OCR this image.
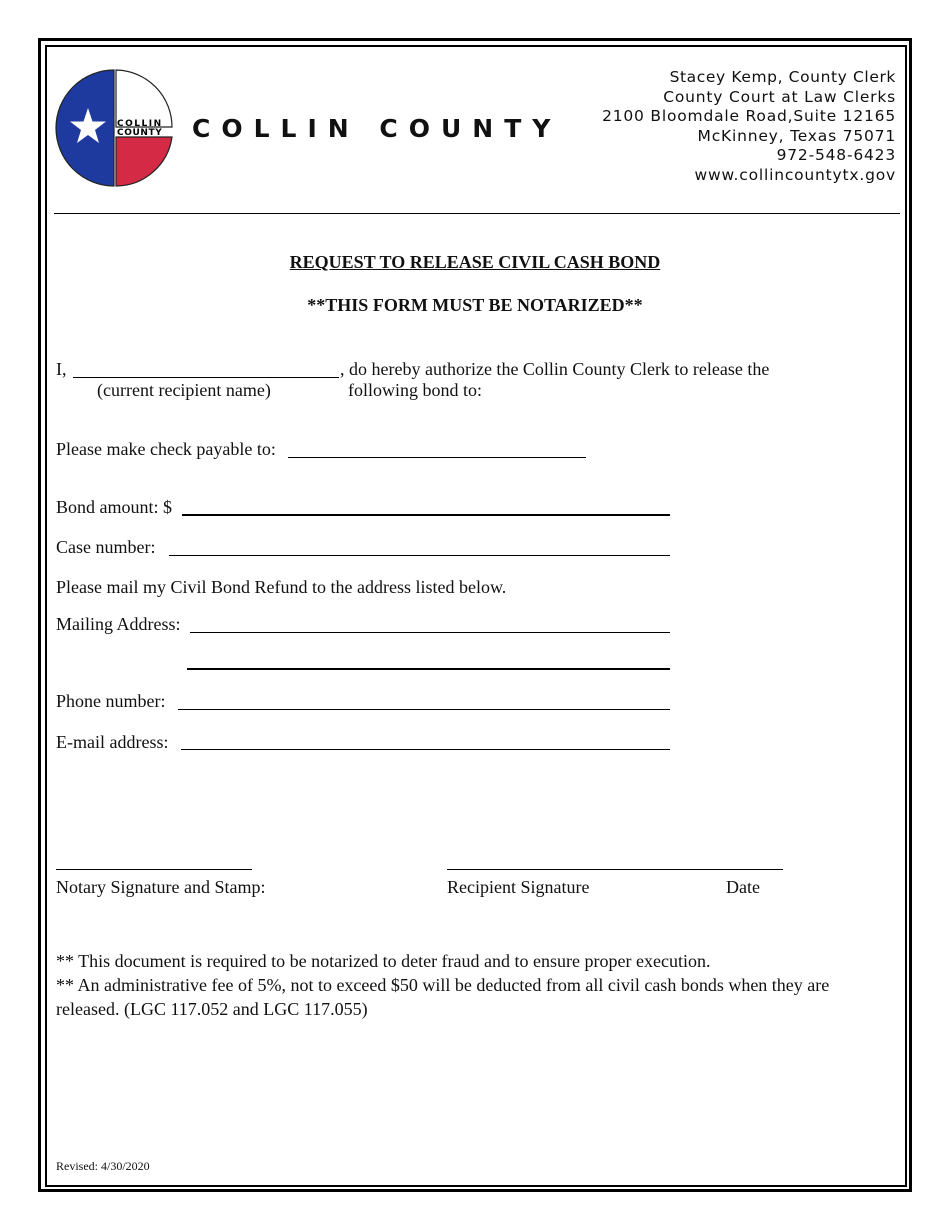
COLLIN
COUNTY COLLIN COUNTY
Stacey Kemp, County Clerk
County Court at Law Clerks
2100 Bloomdale Road,Suite 12165
McKinney, Texas 75071
972-548-6423
www.collincountytx.gov
REQUEST TO RELEASE CIVIL CASH BOND
**THIS FORM MUST BE NOTARIZED**
I,	, do hereby authorize the Collin County Clerk to release the
(current recipient name)	following bond to:
Please make check payable to:
Bond amount: $
Case number:
Please mail my Civil Bond Refund to the address listed below.
Mailing Address:
Phone number:
E-mail address:
Notary Signature and Stamp:	Recipient Signature	Date
** This document is required to be notarized to deter fraud and to ensure proper execution.
** An administrative fee of 5%, not to exceed $50 will be deducted from all civil cash bonds when they are
released. (LGC 117.052 and LGC 117.055)
Revised: 4/30/2020
